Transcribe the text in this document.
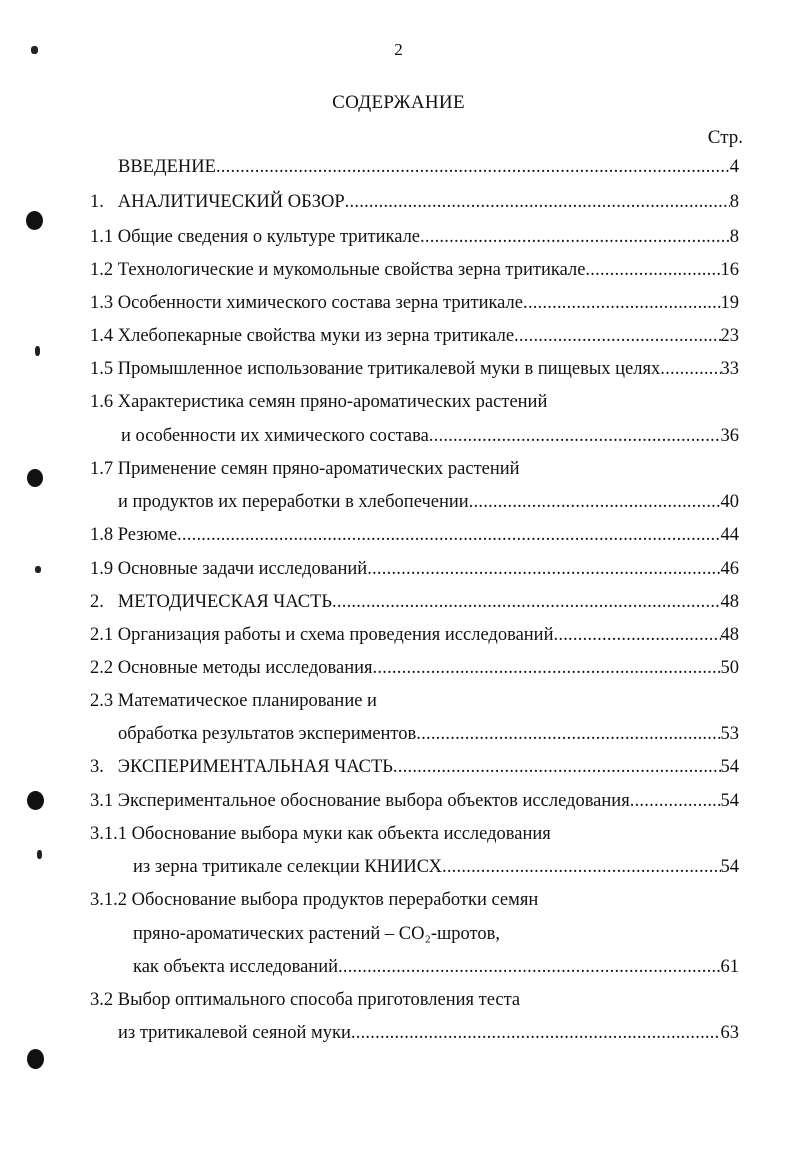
2
СОДЕРЖАНИЕ
Стр.
ВВЕДЕНИЕ . . .	4
1.   АНАЛИТИЧЕСКИЙ ОБЗОР . . .	8
1.1 Общие сведения о культуре тритикале . . .	8
1.2 Технологические и мукомольные свойства зерна тритикале . . .	16
1.3 Особенности химического состава зерна тритикале . . .	19
1.4 Хлебопекарные свойства муки из зерна тритикале . . .	23
1.5 Промышленное использование тритикалевой муки в пищевых целях . . .	33
1.6 Характеристика семян пряно-ароматических растений
и особенности их химического состава . . .	36
1.7 Применение семян пряно-ароматических растений
и продуктов их переработки в хлебопечении . . .	40
1.8 Резюме . . .	44
1.9 Основные задачи исследований . . .	46
2.   МЕТОДИЧЕСКАЯ ЧАСТЬ . . .	48
2.1 Организация работы и схема проведения исследований . . .	48
2.2 Основные методы исследования . . .	50
2.3 Математическое планирование и
обработка результатов экспериментов . . .	53
3.   ЭКСПЕРИМЕНТАЛЬНАЯ ЧАСТЬ . . .	54
3.1 Экспериментальное обоснование выбора объектов исследования . . .	54
3.1.1 Обоснование выбора муки как объекта исследования
из зерна тритикале селекции КНИИСХ . . .	54
3.1.2 Обоснование выбора продуктов переработки семян
пряно-ароматических растений – СО₂-шротов,
как объекта исследований . . .	61
3.2 Выбор оптимального способа приготовления теста
из тритикалевой сеяной муки . . .	63
